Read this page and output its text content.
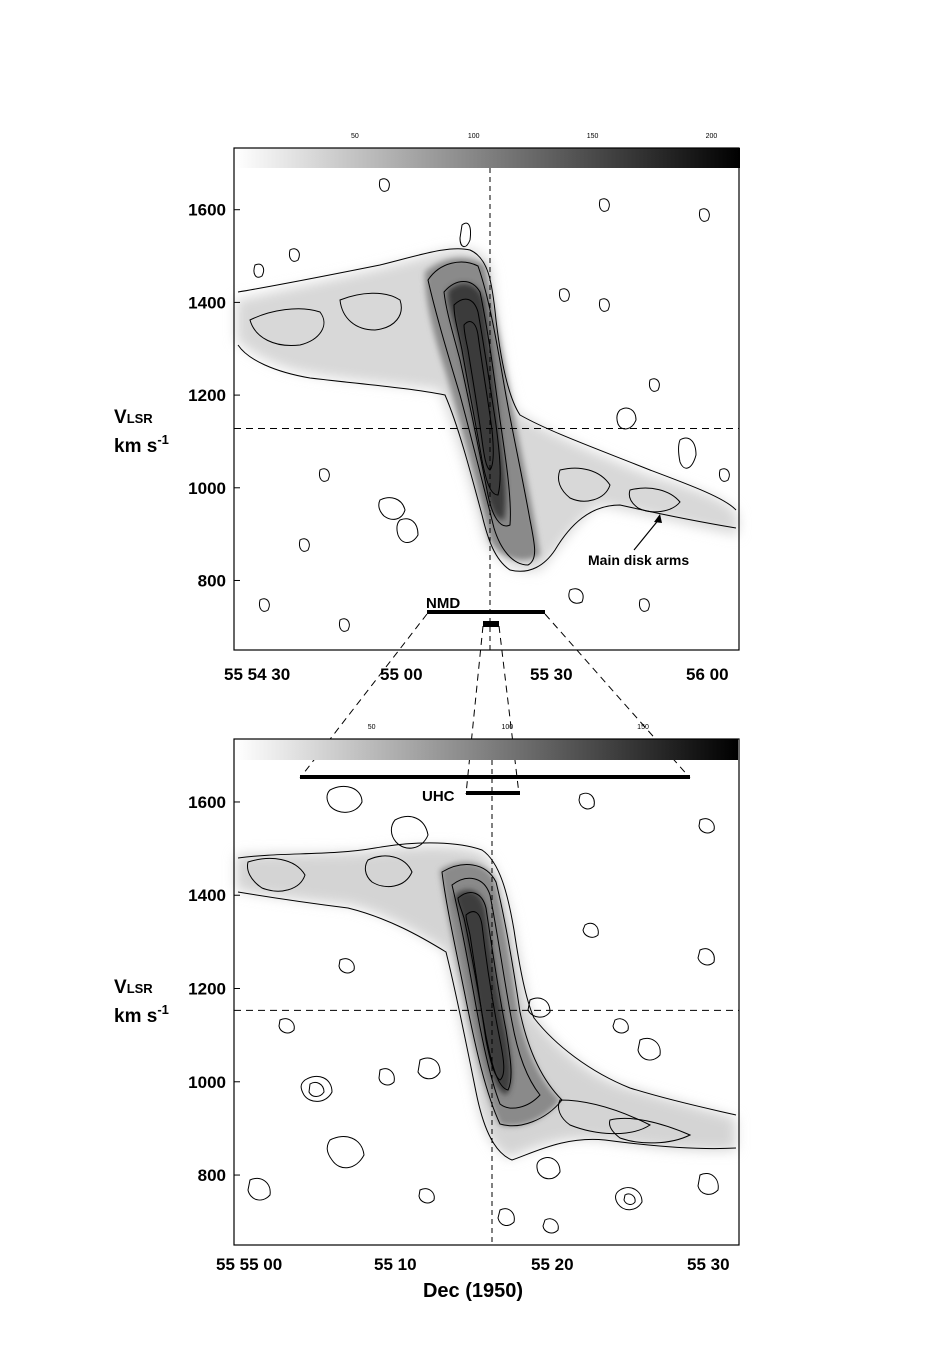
NMD
Main disk arms
50	100	150	200
1600
1400
1200
1000
800
55 54 30	55 00	55 30	56 00
VLSR
km $s^{-1}$
UHC
50	100	150
1600
1400
1200
1000
800
55 55 00	55 10	55 20	55 30
VLSR
km $s^{-1}$
Dec (1950)
